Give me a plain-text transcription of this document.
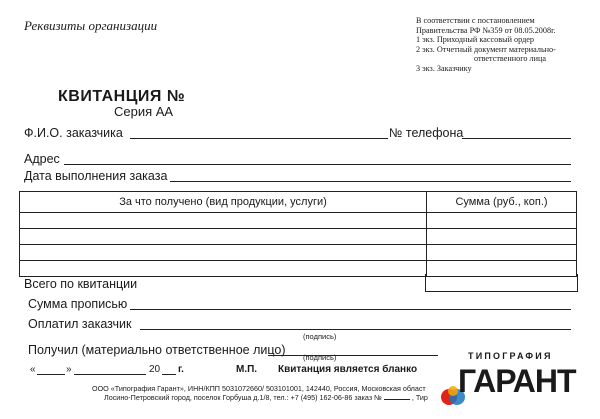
Реквизиты организации	В соответствии с постановлением
Правительства РФ №359 от 08.05.2008г.
1 экз. Приходный кассовый ордер
2 экз. Отчетный документ материально-
ответственного лица
3 экз. Заказчику
КВИТАНЦИЯ №
Серия АА
Ф.И.О. заказчика	№ телефона
Адрес
Дата выполнения заказа
За что получено (вид продукции, услуги)	Сумма (руб., коп.)

Всего по квитанции
Сумма прописью
Оплатил заказчик
(подпись)
Получил (материально ответственное лицо)
(подпись)
«	»	20 г.	М.П. Квитанция является бланко
ООО «Типография Гарант», ИНН/КПП 5031072660/ 503101001, 142440, Россия, Московская област
Лосино-Петровский город, поселок Горбуша д.1/8, тел.: +7 (495) 162-06-86 заказ №	, Тир
ТИПОГРАФИЯ
ГАРАНТ
